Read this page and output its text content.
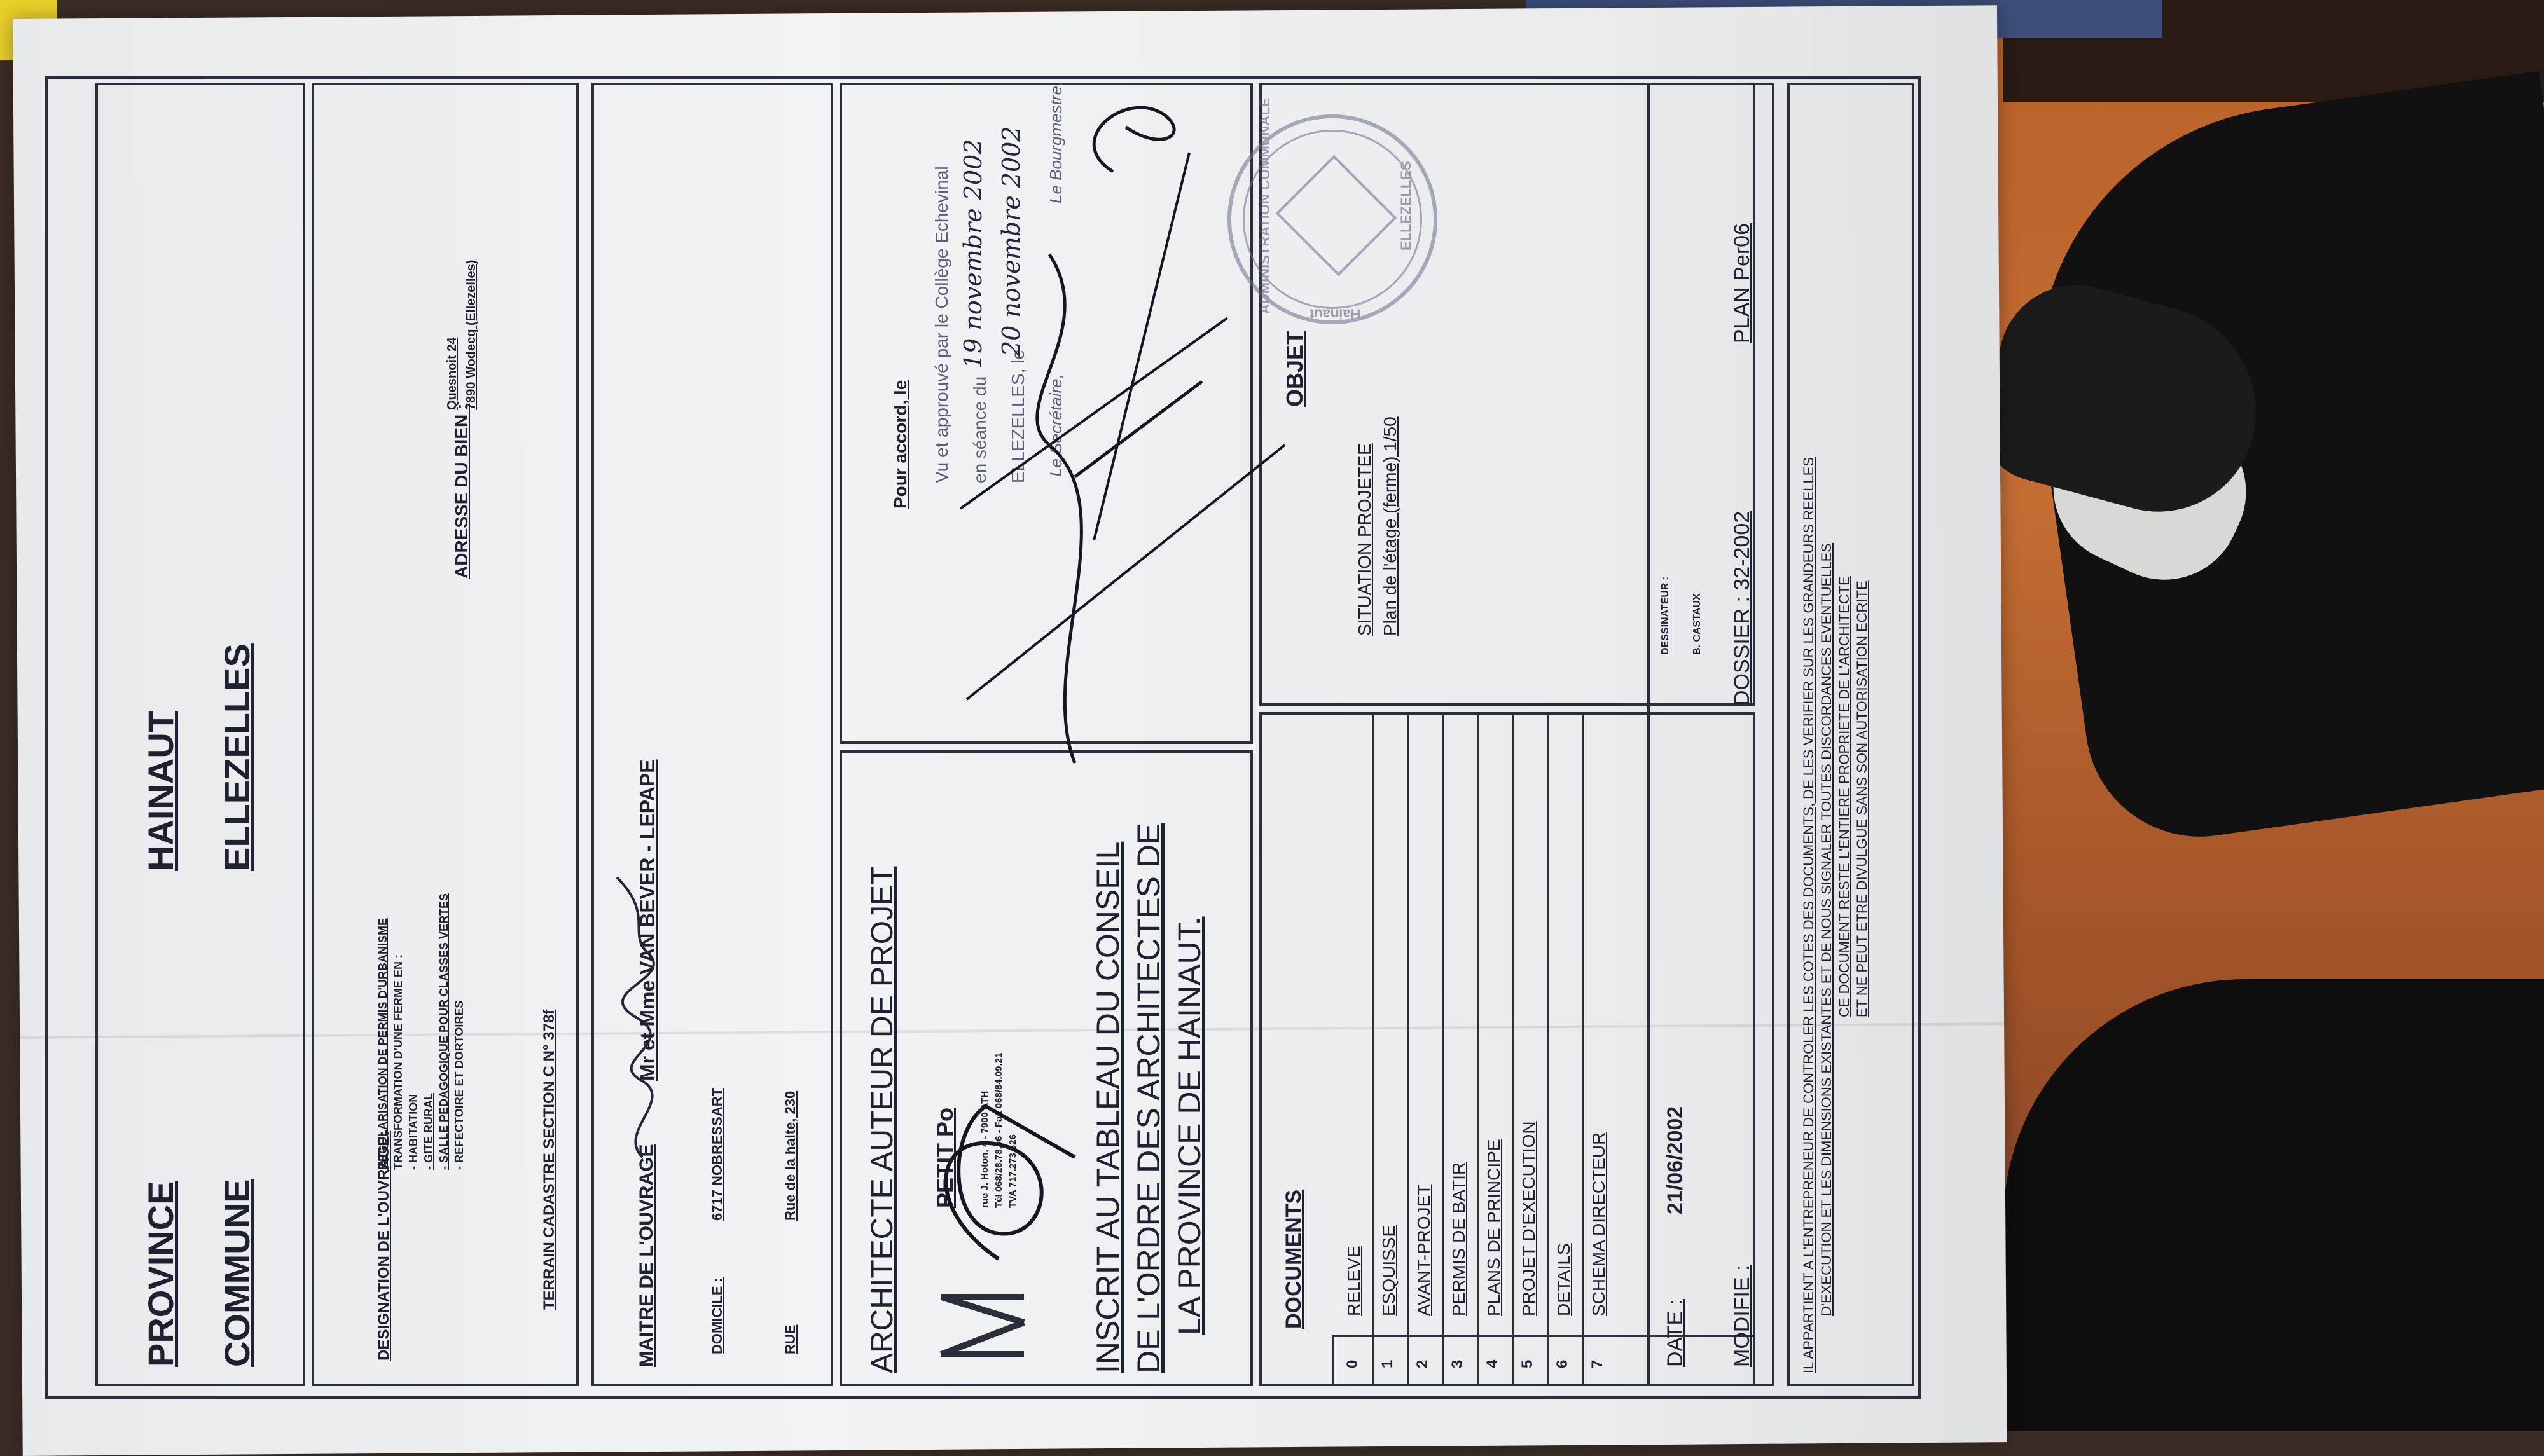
PROVINCE
HAINAUT
COMMUNE
ELLEZELLES
DESIGNATION DE L'OUVRAGE:
REGULARISATION DE PERMIS D'URBANISME TRANSFORMATION D'UNE FERME EN : - HABITATION - GITE RURAL - SALLE PEDAGOGIQUE POUR CLASSES VERTES - REFECTOIRE ET DORTOIRES
ADRESSE DU BIEN :
Quesnoit 24 7890 Wodecq (Ellezelles)
TERRAIN CADASTRE SECTION C N° 378f	MAITRE DE L'OUVRAGE
Mr et Mme VAN BEVER - LEPAPE
DOMICILE :
6717 NOBRESSART
RUE
Rue de la halte, 230 ARCHITECTE AUTEUR DE PROJET PETIT Po rue J. Hoton, 4 - 7900 ATH Tél 068/28.78.96 - Fax 068/84.09.21 TVA 717.273.626 INSCRIT AU TABLEAU DU CONSEIL DE L'ORDRE DES ARCHITECTES DE LA PROVINCE DE HAINAUT.
Pour accord, le Vu et approuvé par le Collège Echevinal en séance du
19 novembre 2002
ELLEZELLES, le
20 novembre 2002
Le Secrétaire,
Le Bourgmestre,
DOCUMENTS
0
RELEVE
1
ESQUISSE
2
AVANT-PROJET
3
PERMIS DE BATIR
4
PLANS DE PRINCIPE
5
PROJET D'EXECUTION
6
DETAILS
7
SCHEMA DIRECTEUR
OBJET
SITUATION PROJETEE Plan de l'étage (ferme) 1/50
DATE :
21/06/2002
DESSINATEUR : B. CASTAUX
MODIFIE :
DOSSIER : 32-2002
PLAN Per06
IL APPARTIENT A L'ENTREPRENEUR DE CONTROLER LES COTES DES DOCUMENTS, DE LES VERIFIER SUR LES GRANDEURS REELLES D'EXECUTION ET LES DIMENSIONS EXISTANTES ET DE NOUS SIGNALER TOUTES DISCORDANCES EVENTUELLES CE DOCUMENT RESTE L'ENTIERE PROPRIETE DE L'ARCHITECTE ET NE PEUT ETRE DIVULGUE SANS SON AUTORISATION ECRITE
ADMINISTRATION COMMUNALE	ELLEZELLES
Hainaut
